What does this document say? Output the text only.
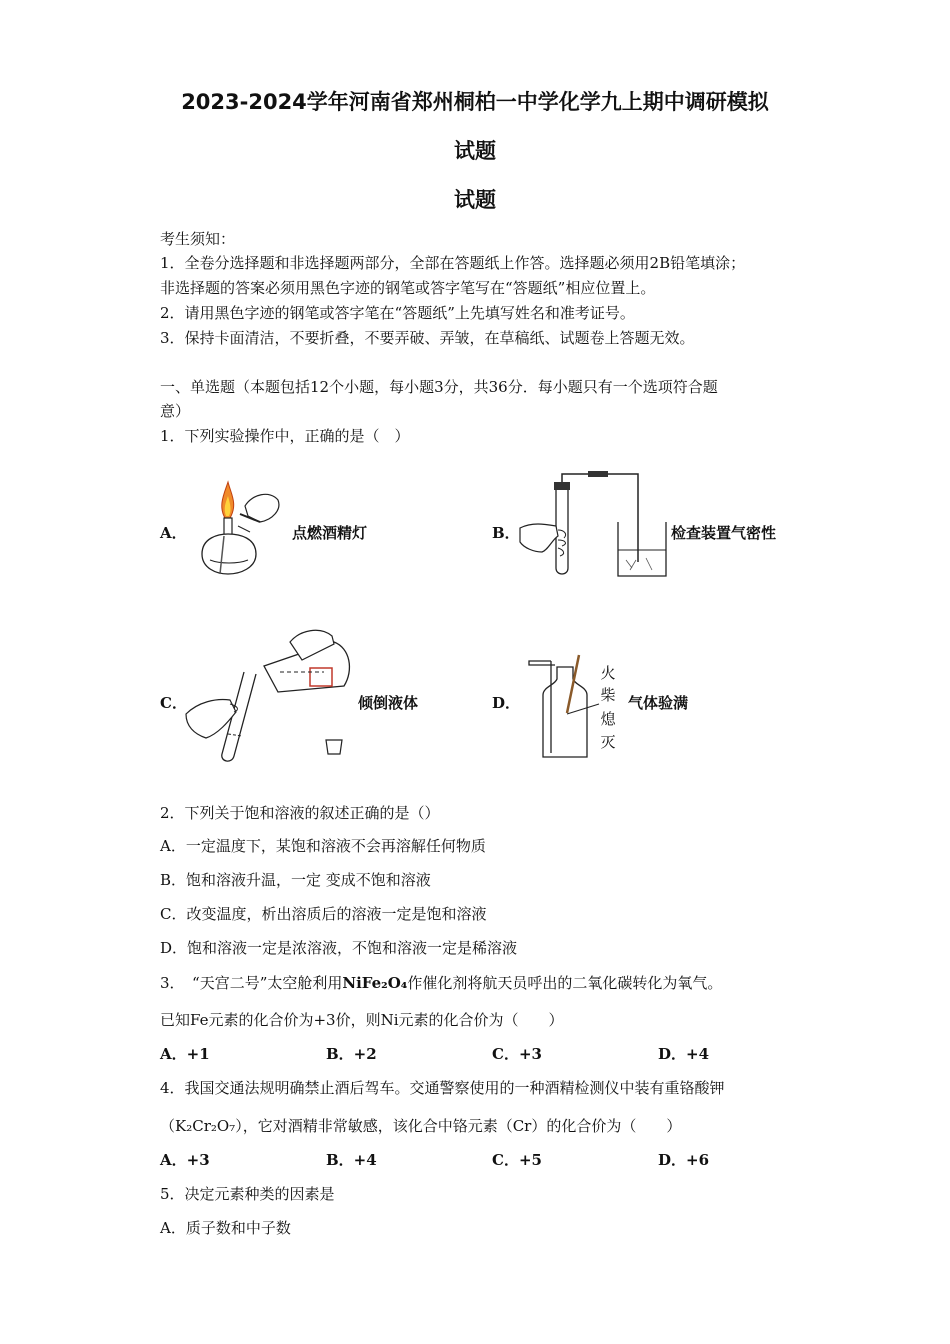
2023-2024学年河南省郑州桐柏一中学化学九上期中调研模拟
试题
试题
考生须知：
1．全卷分选择题和非选择题两部分，全部在答题纸上作答。选择题必须用2B铅笔填涂；
非选择题的答案必须用黑色字迹的钢笔或答字笔写在“答题纸”相应位置上。
2．请用黑色字迹的钢笔或答字笔在“答题纸”上先填写姓名和准考证号。
3．保持卡面清洁，不要折叠，不要弄破、弄皱，在草稿纸、试题卷上答题无效。
一、单选题（本题包括12个小题，每小题3分，共36分．每小题只有一个选项符合题
意）
1．下列实验操作中，正确的是（　）
A．	点燃酒精灯	B．	检查装置气密性
C．	倾倒液体	D．
火
柴
熄
灭
气体验满
2．下列关于饱和溶液的叙述正确的是（）
A．一定温度下，某饱和溶液不会再溶解任何物质
B．饱和溶液升温，一定 变成不饱和溶液
C．改变温度，析出溶质后的溶液一定是饱和溶液
D．饱和溶液一定是浓溶液，不饱和溶液一定是稀溶液
3．　“天宫二号”太空舱利用NiFe₂O₄作催化剂将航天员呼出的二氧化碳转化为氧气。
已知Fe元素的化合价为+3价，则Ni元素的化合价为（　　）
A．+1	B．+2	C．+3	D．+4
4．我国交通法规明确禁止酒后驾车。交通警察使用的一种酒精检测仪中装有重铬酸钾
（K₂Cr₂O₇），它对酒精非常敏感，该化合中铬元素（Cr）的化合价为（　　）
A．+3	B．+4	C．+5	D．+6
5．决定元素种类的因素是
A．质子数和中子数
